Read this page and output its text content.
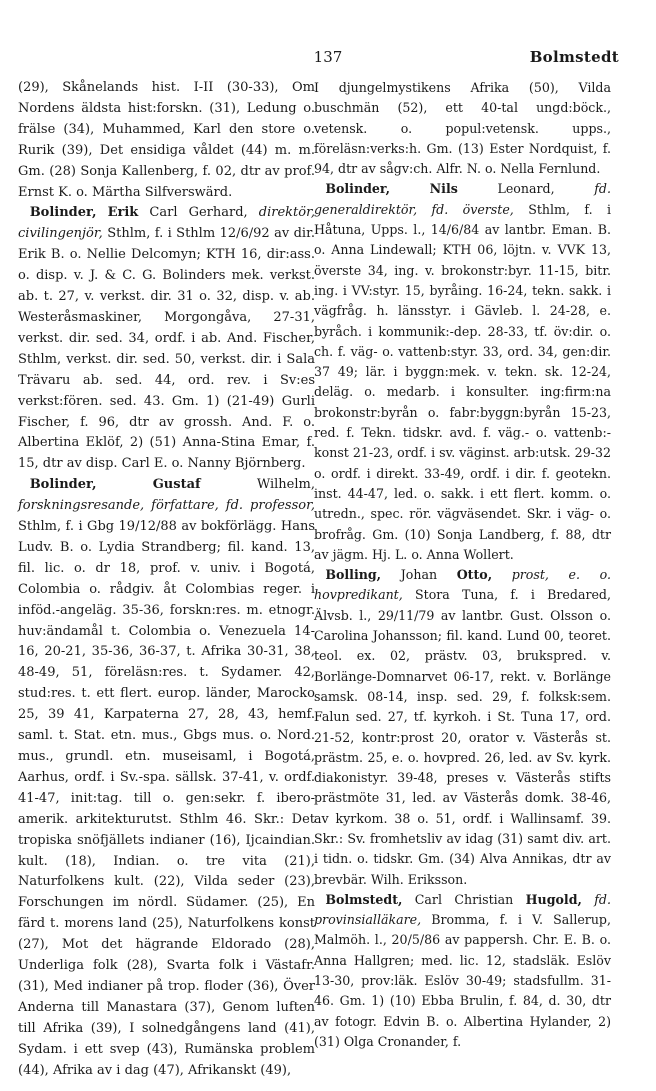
137	Bolmstedt

(29), Skånelands hist. I-II (30-33), Om Nordens äldsta hist:forskn. (31), Ledung o. frälse (34), Muhammed, Karl den store o. Rurik (39), Det ensidiga våldet (44) m. m. Gm. (28) Sonja Kallenberg, f. 02, dtr av prof. Ernst K. o. Märtha Silfverswärd.

Bolinder, Erik Carl Gerhard, direktör, civilingenjör, Sthlm, f. i Sthlm 12/6/92 av dir. Erik B. o. Nellie Delcomyn; KTH 16, dir:ass. o. disp. v. J. & C. G. Bolinders mek. verkst. ab. t. 27, v. verkst. dir. 31 o. 32, disp. v. ab. Westeråsmaskiner, Morgongåva, 27-31, verkst. dir. sed. 34, ordf. i ab. And. Fischer, Sthlm, verkst. dir. sed. 50, verkst. dir. i Sala Trävaru ab. sed. 44, ord. rev. i Sv:es verkst:fören. sed. 43. Gm. 1) (21-49) Gurli Fischer, f. 96, dtr av grossh. And. F. o. Albertina Eklöf, 2) (51) Anna-Stina Emar, f. 15, dtr av disp. Carl E. o. Nanny Björnberg.

Bolinder,	Gustaf	Wilhelm, forskningsresande, författare, fd. professor, Sthlm, f. i Gbg 19/12/88 av bokförlägg. Hans Ludv. B. o. Lydia Strandberg; fil. kand. 13, fil. lic. o. dr 18, prof. v. univ. i Bogotá, Colombia o. rådgiv. åt Colombias reger. i inföd.-angeläg. 35-36, forskn:res. m. etnogr. huv:ändamål t. Colombia o. Venezuela 14-16, 20-21, 35-36, 36-37, t. Afrika 30-31, 38, 48-49, 51, föreläsn:res. t. Sydamer. 42, stud:res. t. ett flert. europ. länder, Marocko 25, 39 41, Karpaterna 27, 28, 43, hemf. saml. t. Stat. etn. mus., Gbgs mus. o. Nord. mus., grundl. etn. museisaml, i Bogotá, Aarhus, ordf. i Sv.-spa. sällsk. 37-41, v. ordf. 41-47, init:tag. till o. gen:sekr. f. ibero-amerik. arkitekturutst. Sthlm 46. Skr.: Det tropiska snöfjällets indianer (16), Ijcaindian. kult. (18), Indian. o. tre vita (21), Naturfolkens kult. (22), Vilda seder (23), Forschungen im nördl. Südamer. (25), En färd t. morens land (25), Naturfolkens konst (27), Mot det hägrande Eldorado (28), Underliga folk (28), Svarta folk i Västafr. (31), Med indianer på trop. floder (36), Över Anderna till Manastara (37), Genom luften till Afrika (39), I solnedgångens land (41), Sydam. i ett svep (43), Rumänska problem (44), Afrika av i dag (47), Afrikanskt (49),

I djungelmystikens Afrika (50), Vilda buschmän (52), ett 40-tal ungd:böck., vetensk. o. popul:vetensk. upps., föreläsn:verks:h. Gm. (13) Ester Nordquist, f. 94, dtr av sågv:ch. Alfr. N. o. Nella Fernlund.

Bolinder,	Nils	Leonard,	fd. generaldirektör, fd. överste, Sthlm, f. i Håtuna, Upps. l., 14/6/84 av lantbr. Eman. B. o. Anna Lindewall; KTH 06, löjtn. v. VVK 13, överste 34, ing. v. brokonstr:byr. 11-15, bitr. ing. i VV:styr. 15, byråing. 16-24, tekn. sakk. i vägfråg. h. länsstyr. i Gävleb. l. 24-28, e. byråch. i kommunik:-dep. 28-33, tf. öv:dir. o. ch. f. väg- o. vattenb:styr. 33, ord. 34, gen:dir. 37 49; lär. i byggn:mek. v. tekn. sk. 12-24, deläg. o. medarb. i konsulter. ing:firm:na brokonstr:byrån o. fabr:byggn:byrån 15-23, red. f. Tekn. tidskr. avd. f. väg.- o. vattenb:-konst 21-23, ordf. i sv. väginst. arb:utsk. 29-32 o. ordf. i direkt. 33-49, ordf. i dir. f. geotekn. inst. 44-47, led. o. sakk. i ett flert. komm. o. utredn., spec. rör. vägväsendet. Skr. i väg- o. brofråg. Gm. (10) Sonja Landberg, f. 88, dtr av jägm. Hj. L. o. Anna Wollert.

Bolling, Johan Otto, prost, e. o. hovpredikant, Stora Tuna, f. i Bredared, Älvsb. l., 29/11/79 av lantbr. Gust. Olsson o. Carolina Johansson; fil. kand. Lund 00, teoret. teol. ex. 02, prästv. 03, brukspred. v. Borlänge-Domnarvet 06-17, rekt. v. Borlänge samsk. 08-14, insp. sed. 29, f. folksk:sem. Falun sed. 27, tf. kyrkoh. i St. Tuna 17, ord. 21-52, kontr:prost 20, orator v. Västerås st. prästm. 25, e. o. hovpred. 26, led. av Sv. kyrk. diakonistyr. 39-48, preses v. Västerås stifts prästmöte 31, led. av Västerås domk. 38-46, av kyrkom. 38 o. 51, ordf. i Wallinsamf. 39. Skr.: Sv. fromhetsliv av idag (31) samt div. art. i tidn. o. tidskr. Gm. (34) Alva Annikas, dtr av brevbär. Wilh. Eriksson.

Bolmstedt, Carl Christian Hugold, fd. provinsialläkare, Bromma, f. i V. Sallerup, Malmöh. l., 20/5/86 av pappersh. Chr. E. B. o. Anna Hallgren; med. lic. 12, stadsläk. Eslöv 13-30, prov:läk. Eslöv 30-49; stadsfullm. 31-46. Gm. 1) (10) Ebba Brulin, f. 84, d. 30, dtr av fotogr. Edvin B. o. Albertina Hylander, 2) (31) Olga Cronander, f.
